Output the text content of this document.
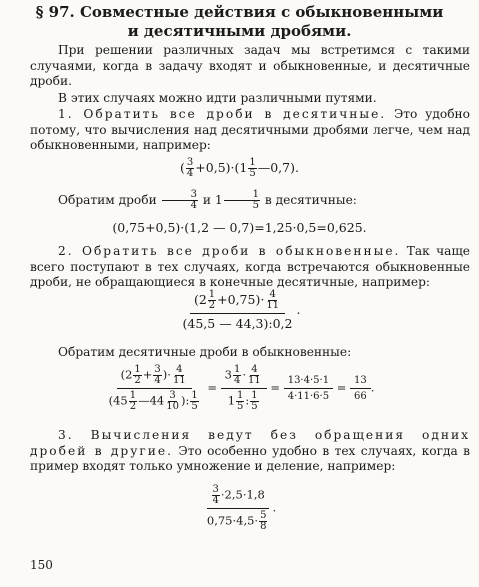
§ 97. Совместные действия с обыкновенными
и десятичными дробями.
При решении различных задач мы встретимся с такими случаями, когда в задачу входят и обыкновенные, и десятичные дроби.
В этих случаях можно идти различными путями.
1. Обратить все дроби в десятичные. Это удобно потому, что вычисления над десятичными дробями легче, чем над обыкновенными, например:
( $\frac{3}{4} +0,5)\cdot(1 \frac{1}{5}$ —0,7).
Обратим дроби $\frac{3}{4}$ и $1 \frac{1}{5}$ в десятичные:
(0,75+0,5)·(1,2 — 0,7)=1,25·0,5=0,625.
2. Обратить все дроби в обыкновенные. Так чаще всего поступают в тех случаях, когда встречаются обыкновенные дроби, не обращающиеся в конечные десятичные, например:
$\frac{(2 \frac{1}{2} +0,75)\cdot \frac{4}{11}}{(45,5 — 44,3):0,2}$ .
Обратим десятичные дроби в обыкновенные:
$\frac{(2 \frac{1}{2} + \frac{3}{4} )\cdot \frac{4}{11}}{(45 \frac{1}{2} —44 \frac{3}{10} ): \frac{1}{5}} = \frac{3 \frac{1}{4} \cdot \frac{4}{11}}{1 \frac{1}{5} : \frac{1}{5}} = \frac{13\cdot 4\cdot 5\cdot 1}{4\cdot 11\cdot 6\cdot 5} = \frac{13}{66}$ .
3. Вычисления ведут без обращения одних дробей в другие. Это особенно удобно в тех случаях, когда в пример входят только умножение и деление, например:
$\frac{\frac{3}{4} \cdot 2,5\cdot 1,8}{0,75\cdot 4,5\cdot \frac{5}{8}}$ .
150
